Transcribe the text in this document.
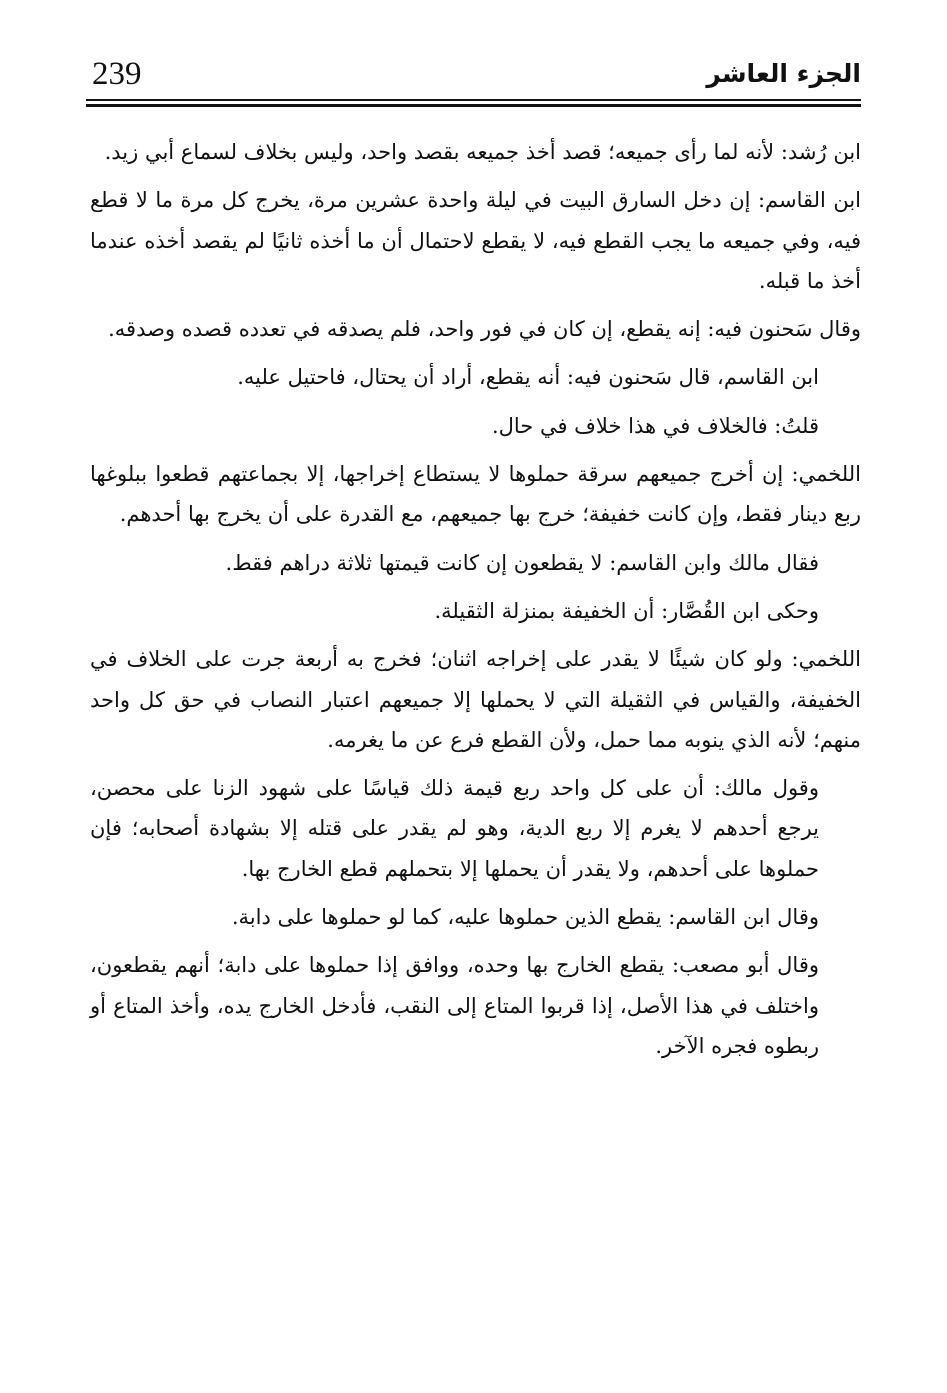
239	الجزء العاشر

ابن رُشد: لأنه لما رأى جميعه؛ قصد أخذ جميعه بقصد واحد، وليس بخلاف لسماع أبي زيد.

ابن القاسم: إن دخل السارق البيت في ليلة واحدة عشرين مرة، يخرج كل مرة ما لا قطع فيه، وفي جميعه ما يجب القطع فيه، لا يقطع لاحتمال أن ما أخذه ثانيًا لم يقصد أخذه عندما أخذ ما قبله.

وقال سَحنون فيه: إنه يقطع، إن كان في فور واحد، فلم يصدقه في تعدده قصده وصدقه.

ابن القاسم، قال سَحنون فيه: أنه يقطع، أراد أن يحتال، فاحتيل عليه.

قلتُ: فالخلاف في هذا خلاف في حال.

اللخمي: إن أخرج جميعهم سرقة حملوها لا يستطاع إخراجها، إلا بجماعتهم قطعوا ببلوغها ربع دينار فقط، وإن كانت خفيفة؛ خرج بها جميعهم، مع القدرة على أن يخرج بها أحدهم.

فقال مالك وابن القاسم: لا يقطعون إن كانت قيمتها ثلاثة دراهم فقط.

وحكى ابن القُصَّار: أن الخفيفة بمنزلة الثقيلة.

اللخمي: ولو كان شيئًا لا يقدر على إخراجه اثنان؛ فخرج به أربعة جرت على الخلاف في الخفيفة، والقياس في الثقيلة التي لا يحملها إلا جميعهم اعتبار النصاب في حق كل واحد منهم؛ لأنه الذي ينوبه مما حمل، ولأن القطع فرع عن ما يغرمه.

وقول مالك: أن على كل واحد ربع قيمة ذلك قياسًا على شهود الزنا على محصن، يرجع أحدهم لا يغرم إلا ربع الدية، وهو لم يقدر على قتله إلا بشهادة أصحابه؛ فإن حملوها على أحدهم، ولا يقدر أن يحملها إلا بتحملهم قطع الخارج بها.

وقال ابن القاسم: يقطع الذين حملوها عليه، كما لو حملوها على دابة.

وقال أبو مصعب: يقطع الخارج بها وحده، ووافق إذا حملوها على دابة؛ أنهم يقطعون، واختلف في هذا الأصل، إذا قربوا المتاع إلى النقب، فأدخل الخارج يده، وأخذ المتاع أو ربطوه فجره الآخر.
